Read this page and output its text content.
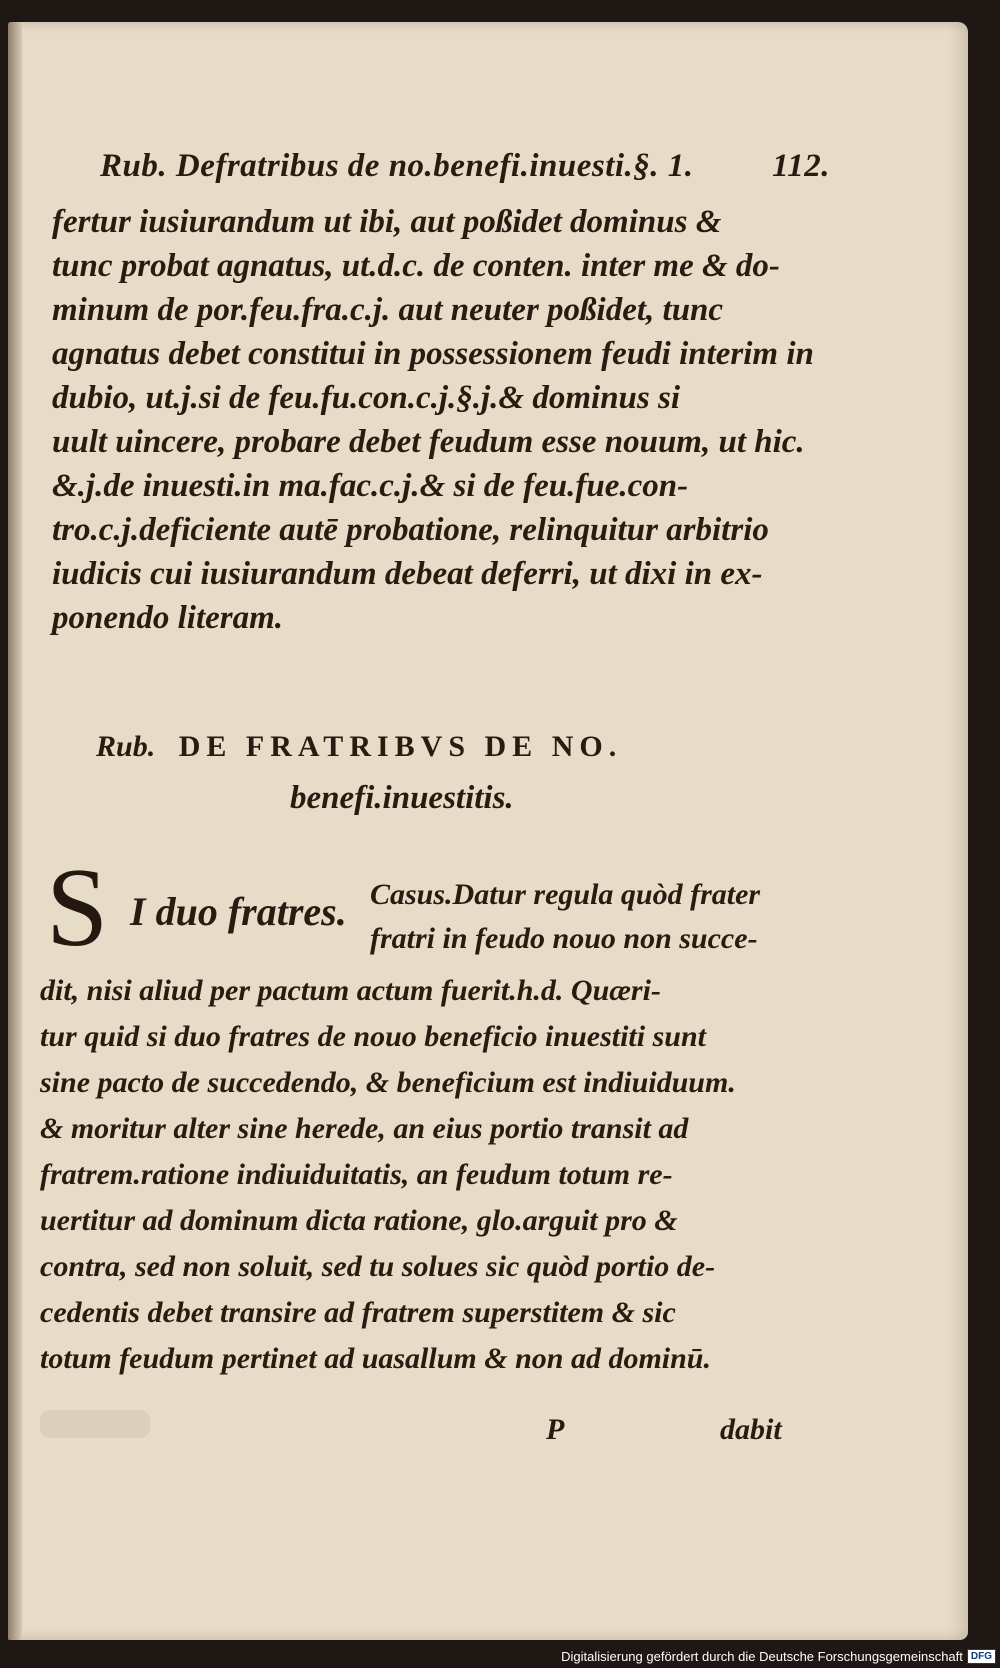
Rub. Defratribus de no.benefi.inuesti.§. 1. 112.
fertur iusiurandum ut ibi, aut poßidet dominus &
tunc probat agnatus, ut.d.c. de conten. inter me & do-
minum de por.feu.fra.c.j. aut neuter poßidet, tunc
agnatus debet constitui in possessionem feudi interim in
dubio, ut.j.si de feu.fu.con.c.j.§.j.& dominus si
uult uincere, probare debet feudum esse nouum, ut hic.
&.j.de inuesti.in ma.fac.c.j.& si de feu.fue.con-
tro.c.j.deficiente autē probatione, relinquitur arbitrio
iudicis cui iusiurandum debeat deferri, ut dixi in ex-
ponendo literam.
Rub. DE FRATRIBVS DE NO.
benefi.inuestitis.
S I duo fratres. Casus.Datur regula quòd frater
fratri in feudo nouo non succe-
dit, nisi aliud per pactum actum fuerit.h.d. Quæri-
tur quid si duo fratres de nouo beneficio inuestiti sunt
sine pacto de succedendo, & beneficium est indiuiduum.
& moritur alter sine herede, an eius portio transit ad
fratrem.ratione indiuiduitatis, an feudum totum re-
uertitur ad dominum dicta ratione, glo.arguit pro &
contra, sed non soluit, sed tu solues sic quòd portio de-
cedentis debet transire ad fratrem superstitem & sic
totum feudum pertinet ad uasallum & non ad dominū.
P	dabit
Digitalisierung gefördert durch die Deutsche Forschungsgemeinschaft DFG
